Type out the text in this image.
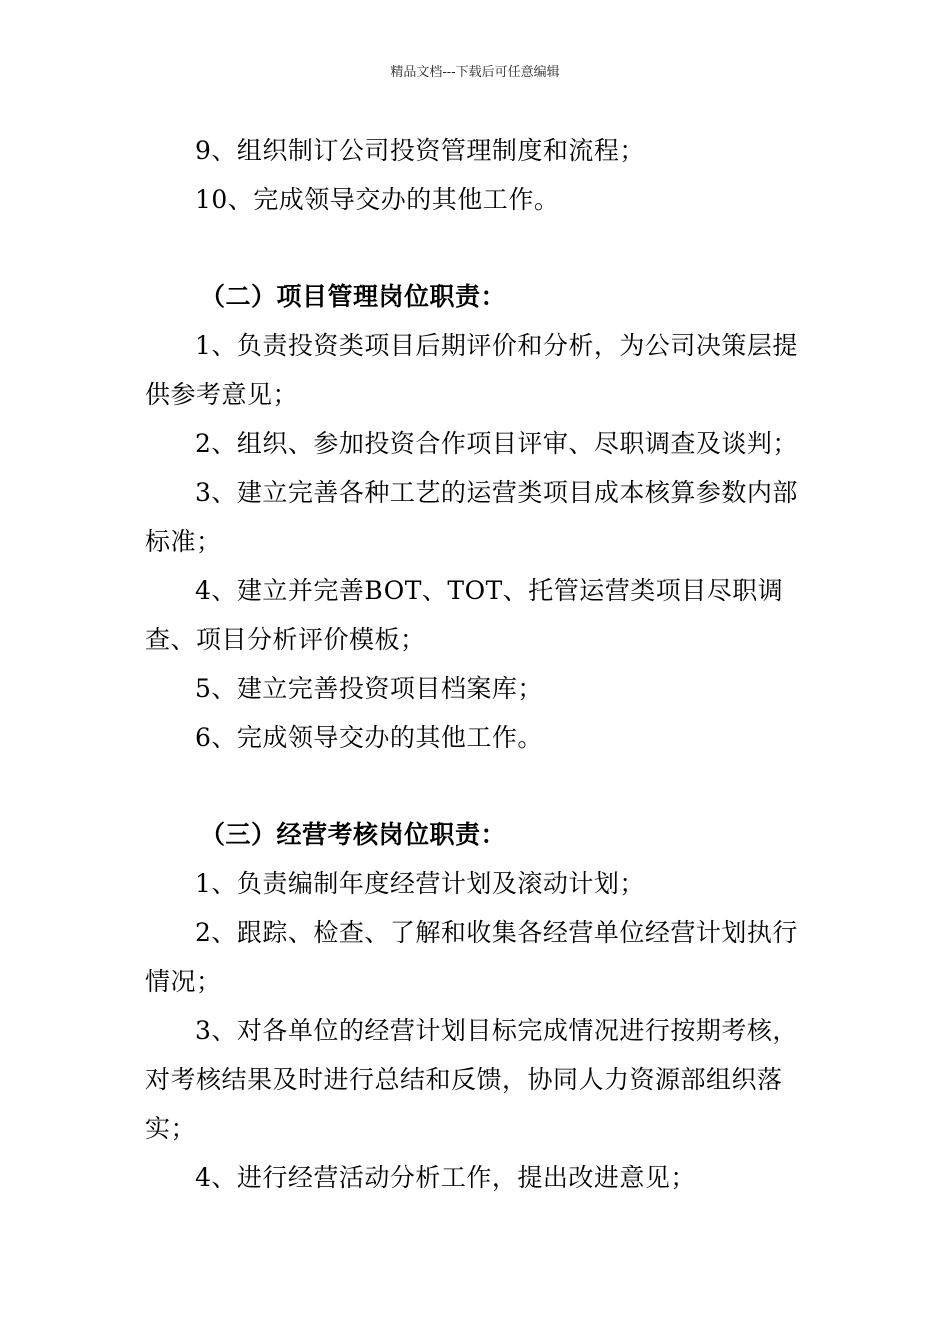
精品文档---下载后可任意编辑

9、组织制订公司投资管理制度和流程；

10、完成领导交办的其他工作。

（二）项目管理岗位职责：

1、负责投资类项目后期评价和分析，为公司决策层提供参考意见；

2、组织、参加投资合作项目评审、尽职调查及谈判；

3、建立完善各种工艺的运营类项目成本核算参数内部标准；

4、建立并完善BOT、TOT、托管运营类项目尽职调查、项目分析评价模板；

5、建立完善投资项目档案库；

6、完成领导交办的其他工作。

（三）经营考核岗位职责：

1、负责编制年度经营计划及滚动计划；

2、跟踪、检查、了解和收集各经营单位经营计划执行情况；

3、对各单位的经营计划目标完成情况进行按期考核，对考核结果及时进行总结和反馈，协同人力资源部组织落实；

4、进行经营活动分析工作，提出改进意见；
